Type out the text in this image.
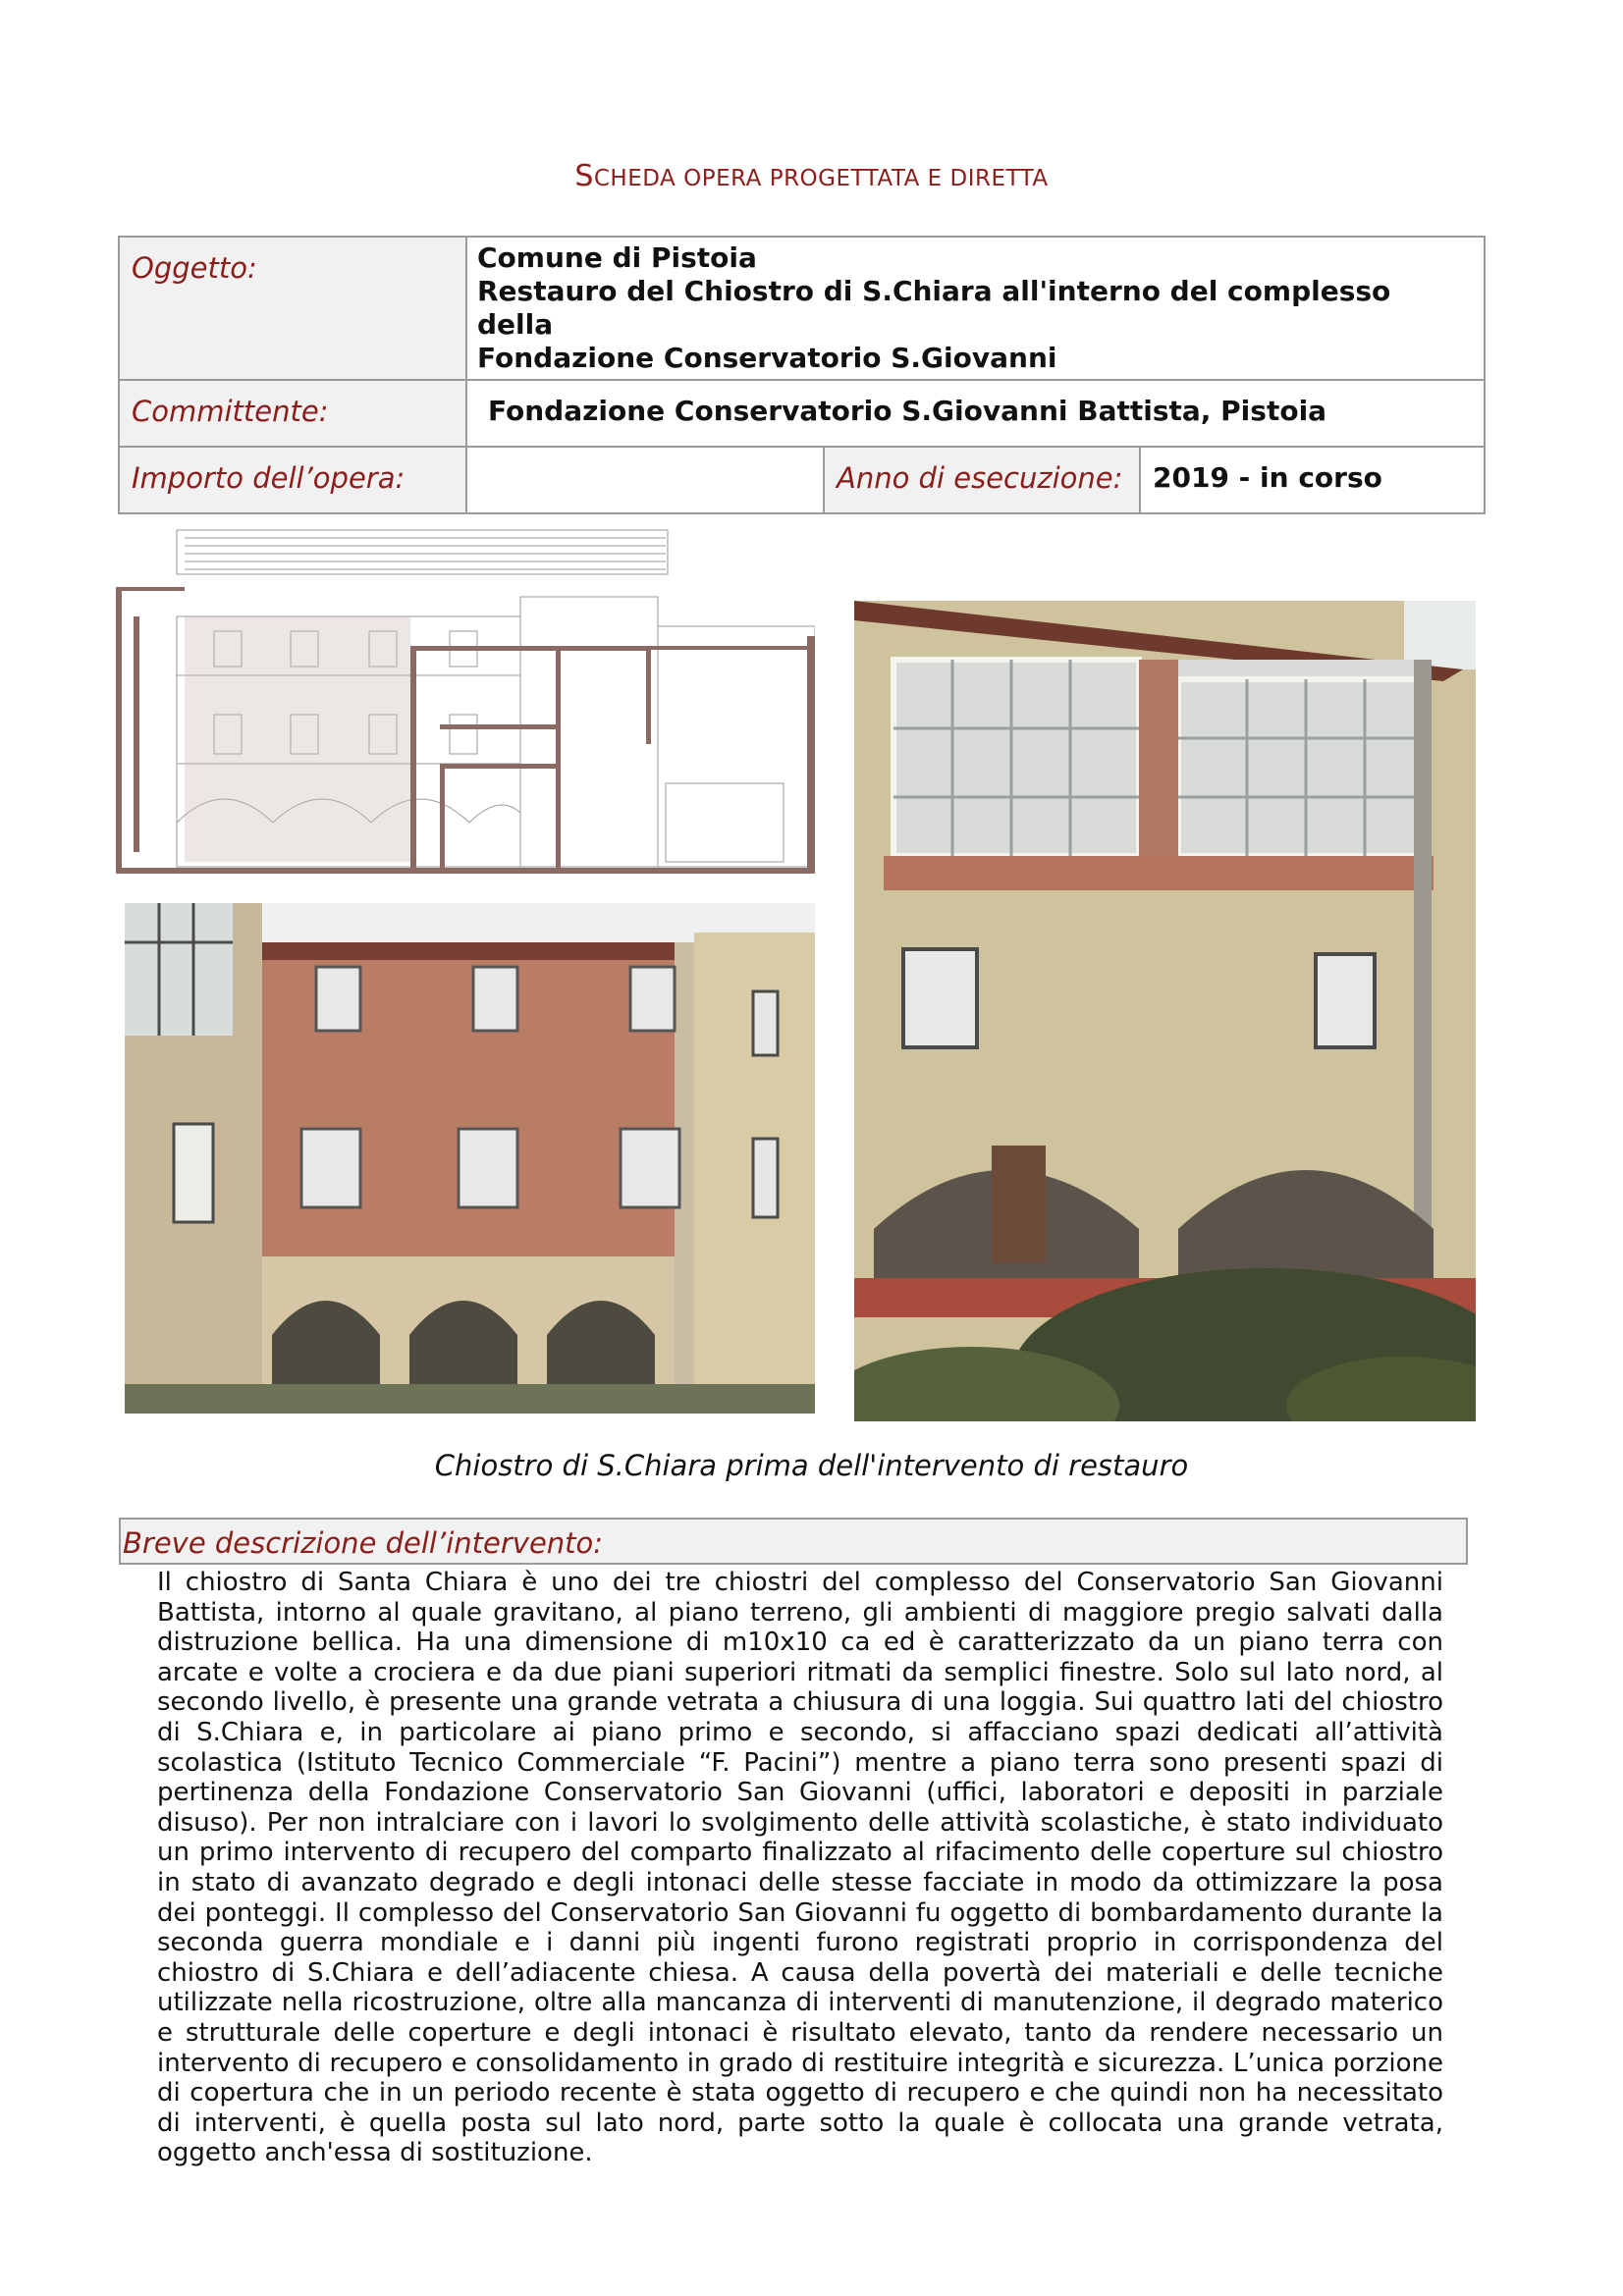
SCHEDA OPERA PROGETTATA E DIRETTA
Oggetto:	Comune di Pistoia
Restauro del Chiostro di S.Chiara all'interno del complesso della
Fondazione Conservatorio S.Giovanni		

Committente:	Fondazione Conservatorio S.Giovanni Battista, Pistoia		
Importo dell’opera:		Anno di esecuzione:	2019 - in corso
Chiostro di S.Chiara prima dell'intervento di restauro
Breve descrizione dell’intervento:
Il chiostro di Santa Chiara è uno dei tre chiostri del complesso del Conservatorio San Giovanni Battista, intorno al quale gravitano, al piano terreno, gli ambienti di maggiore pregio salvati dalla distruzione bellica. Ha una dimensione di m10x10 ca ed è caratterizzato da un piano terra con arcate e volte a crociera e da due piani superiori ritmati da semplici finestre. Solo sul lato nord, al secondo livello, è presente una grande vetrata a chiusura di una loggia. Sui quattro lati del chiostro di S.Chiara e, in particolare ai piano primo e secondo, si affacciano spazi dedicati all’attività scolastica (Istituto Tecnico Commerciale “F. Pacini”) mentre a piano terra sono presenti spazi di pertinenza della Fondazione Conservatorio San Giovanni (uffici, laboratori e depositi in parziale disuso). Per non intralciare con i lavori lo svolgimento delle attività scolastiche, è stato individuato un primo intervento di recupero del comparto finalizzato al rifacimento delle coperture sul chiostro in stato di avanzato degrado e degli intonaci delle stesse facciate in modo da ottimizzare la posa dei ponteggi. Il complesso del Conservatorio San Giovanni fu oggetto di bombardamento durante la seconda guerra mondiale e i danni più ingenti furono registrati proprio in corrispondenza del chiostro di S.Chiara e dell’adiacente chiesa. A causa della povertà dei materiali e delle tecniche utilizzate nella ricostruzione, oltre alla mancanza di interventi di manutenzione, il degrado materico e strutturale delle coperture e degli intonaci è risultato elevato, tanto da rendere necessario un intervento di recupero e consolidamento in grado di restituire integrità e sicurezza. L’unica porzione di copertura che in un periodo recente è stata oggetto di recupero e che quindi non ha necessitato di interventi, è quella posta sul lato nord, parte sotto la quale è collocata una grande vetrata, oggetto anch'essa di sostituzione.
